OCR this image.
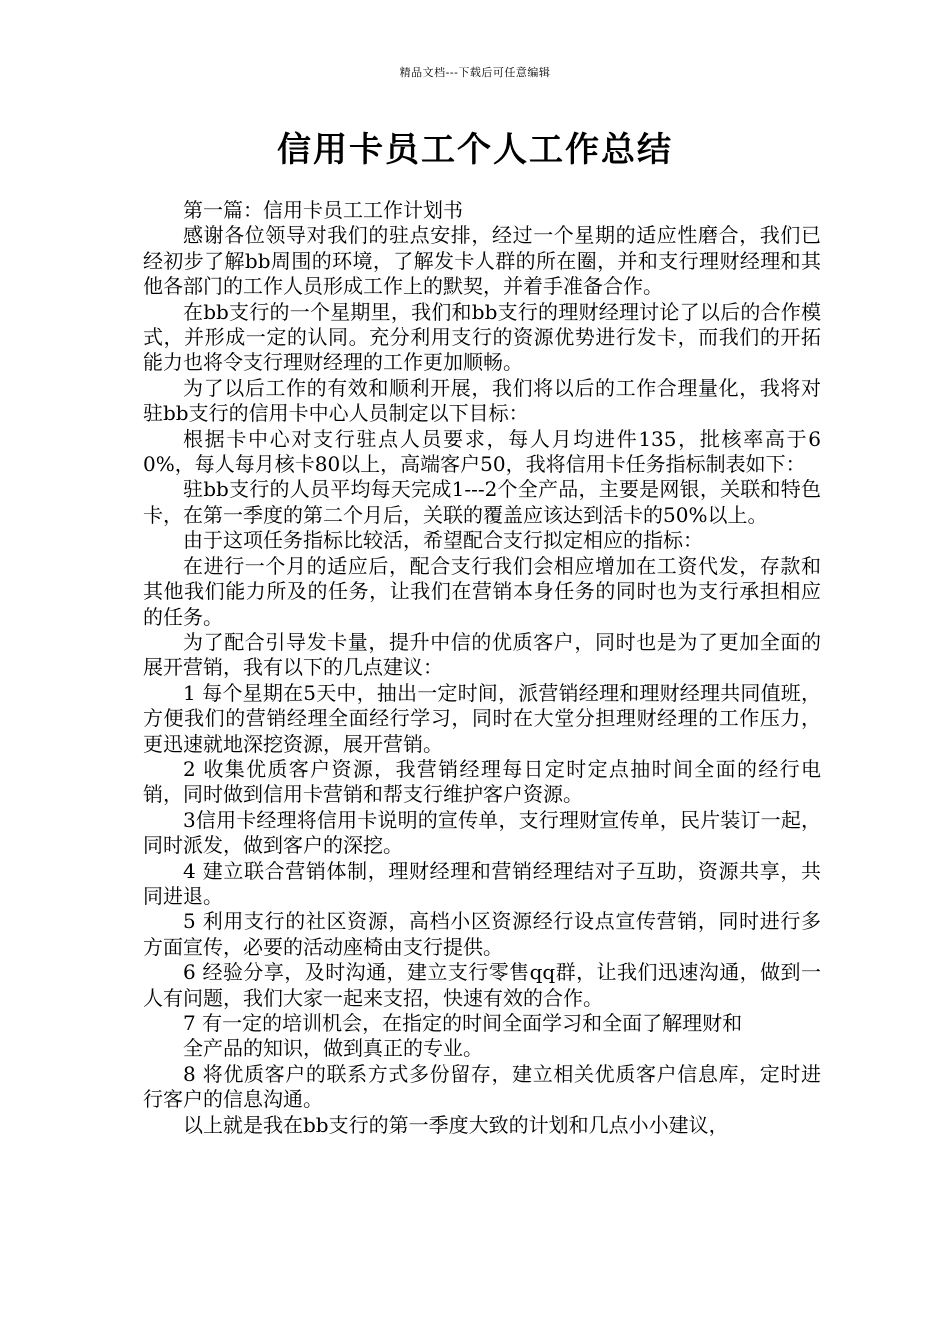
精品文档---下载后可任意编辑
信用卡员工个人工作总结

第一篇：信用卡员工工作计划书

感谢各位领导对我们的驻点安排，经过一个星期的适应性磨合，我们已经初步了解bb周围的环境，了解发卡人群的所在圈，并和支行理财经理和其他各部门的工作人员形成工作上的默契，并着手准备合作。

在bb支行的一个星期里，我们和bb支行的理财经理讨论了以后的合作模式，并形成一定的认同。充分利用支行的资源优势进行发卡，而我们的开拓能力也将令支行理财经理的工作更加顺畅。

为了以后工作的有效和顺利开展，我们将以后的工作合理量化，我将对驻bb支行的信用卡中心人员制定以下目标：

根据卡中心对支行驻点人员要求，每人月均进件135，批核率高于60%，每人每月核卡80以上，高端客户50，我将信用卡任务指标制表如下：

驻bb支行的人员平均每天完成1---2个全产品，主要是网银，关联和特色卡，在第一季度的第二个月后，关联的覆盖应该达到活卡的50%以上。

由于这项任务指标比较活，希望配合支行拟定相应的指标：

在进行一个月的适应后，配合支行我们会相应增加在工资代发，存款和其他我们能力所及的任务，让我们在营销本身任务的同时也为支行承担相应的任务。

为了配合引导发卡量，提升中信的优质客户，同时也是为了更加全面的展开营销，我有以下的几点建议：

1 每个星期在5天中，抽出一定时间，派营销经理和理财经理共同值班，方便我们的营销经理全面经行学习，同时在大堂分担理财经理的工作压力，更迅速就地深挖资源，展开营销。

2 收集优质客户资源，我营销经理每日定时定点抽时间全面的经行电销，同时做到信用卡营销和帮支行维护客户资源。

3信用卡经理将信用卡说明的宣传单，支行理财宣传单，民片装订一起，同时派发，做到客户的深挖。

4 建立联合营销体制，理财经理和营销经理结对子互助，资源共享，共同进退。

5 利用支行的社区资源，高档小区资源经行设点宣传营销，同时进行多方面宣传，必要的活动座椅由支行提供。

6 经验分享，及时沟通，建立支行零售qq群，让我们迅速沟通，做到一人有问题，我们大家一起来支招，快速有效的合作。

7 有一定的培训机会，在指定的时间全面学习和全面了解理财和

全产品的知识，做到真正的专业。

8 将优质客户的联系方式多份留存，建立相关优质客户信息库，定时进行客户的信息沟通。

以上就是我在bb支行的第一季度大致的计划和几点小小建议，
